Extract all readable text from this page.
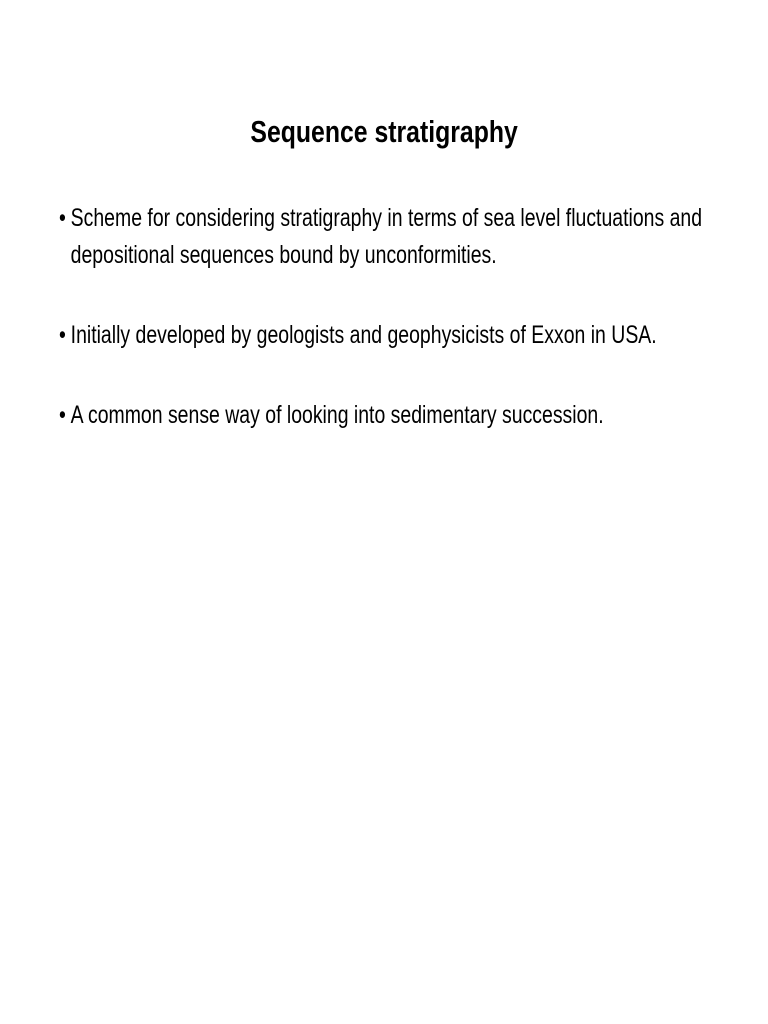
Sequence stratigraphy
• Scheme for considering stratigraphy in terms of sea level fluctuations and
depositional sequences bound by unconformities.
• Initially developed by geologists and geophysicists of Exxon in USA.
• A common sense way of looking into sedimentary succession.
